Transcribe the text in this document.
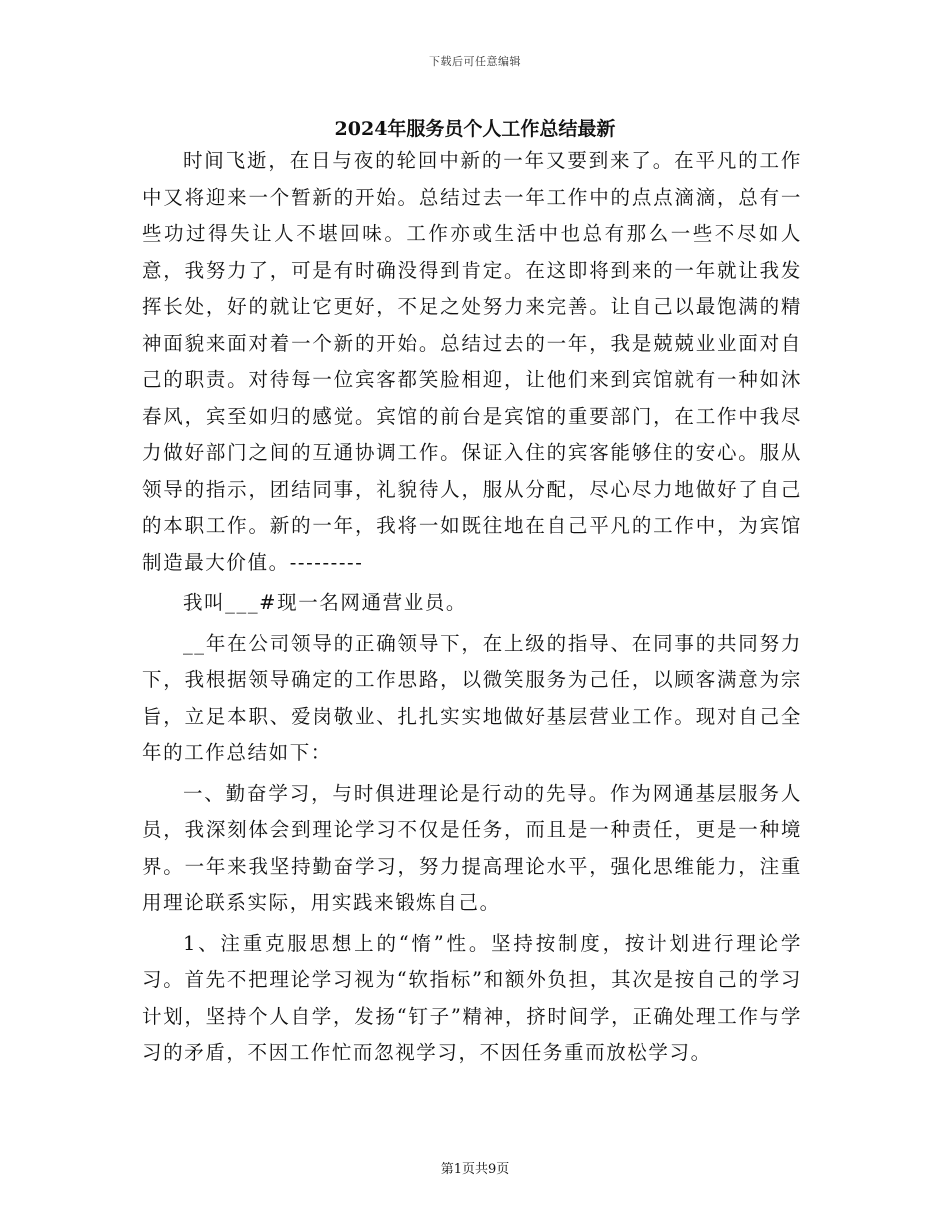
下载后可任意编辑
2024年服务员个人工作总结最新

时间飞逝，在日与夜的轮回中新的一年又要到来了。在平凡的工作中又将迎来一个暂新的开始。总结过去一年工作中的点点滴滴，总有一些功过得失让人不堪回味。工作亦或生活中也总有那么一些不尽如人意，我努力了，可是有时确没得到肯定。在这即将到来的一年就让我发挥长处，好的就让它更好，不足之处努力来完善。让自己以最饱满的精神面貌来面对着一个新的开始。总结过去的一年，我是兢兢业业面对自己的职责。对待每一位宾客都笑脸相迎，让他们来到宾馆就有一种如沐春风，宾至如归的感觉。宾馆的前台是宾馆的重要部门，在工作中我尽力做好部门之间的互通协调工作。保证入住的宾客能够住的安心。服从领导的指示，团结同事，礼貌待人，服从分配，尽心尽力地做好了自己的本职工作。新的一年，我将一如既往地在自己平凡的工作中，为宾馆制造最大价值。---------

我叫___#现一名网通营业员。

__年在公司领导的正确领导下，在上级的指导、在同事的共同努力下，我根据领导确定的工作思路，以微笑服务为己任，以顾客满意为宗旨，立足本职、爱岗敬业、扎扎实实地做好基层营业工作。现对自己全年的工作总结如下：

一、勤奋学习，与时俱进理论是行动的先导。作为网通基层服务人员，我深刻体会到理论学习不仅是任务，而且是一种责任，更是一种境界。一年来我坚持勤奋学习，努力提高理论水平，强化思维能力，注重用理论联系实际，用实践来锻炼自己。

1、注重克服思想上的“惰”性。坚持按制度，按计划进行理论学习。首先不把理论学习视为“软指标”和额外负担，其次是按自己的学习计划，坚持个人自学，发扬“钉子”精神，挤时间学，正确处理工作与学习的矛盾，不因工作忙而忽视学习，不因任务重而放松学习。

第1页共9页
